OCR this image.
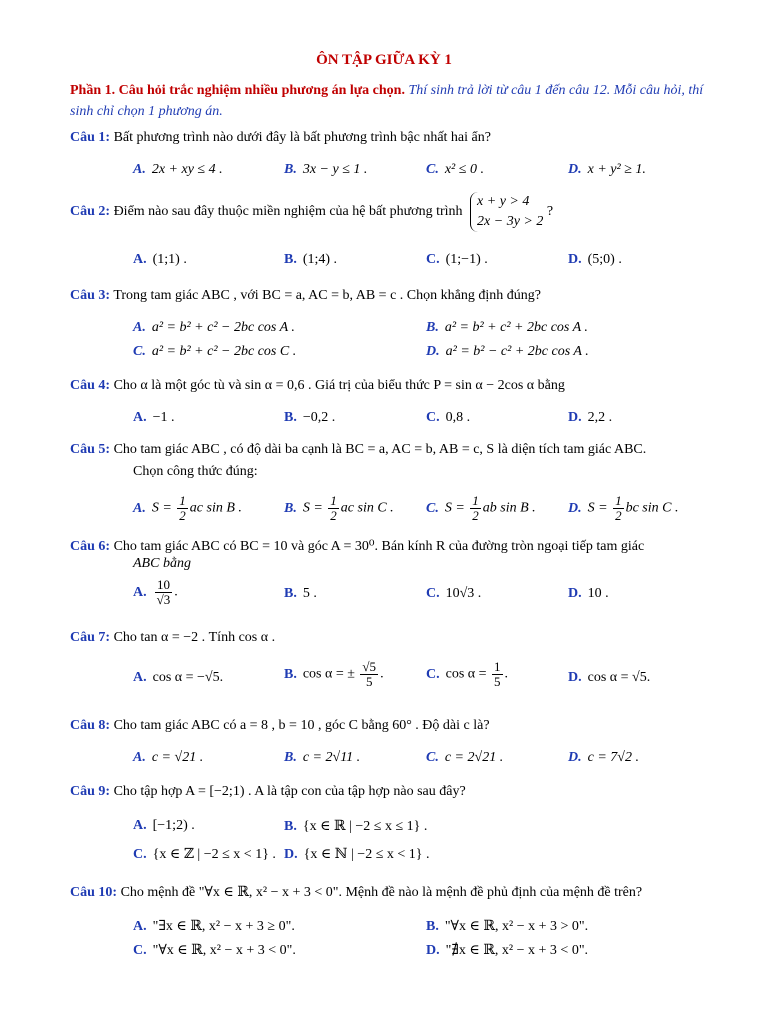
ÔN TẬP GIỮA KỲ 1
Phần 1. Câu hỏi trắc nghiệm nhiều phương án lựa chọn. Thí sinh trả lời từ câu 1 đến câu 12. Mỗi câu hỏi, thí sinh chỉ chọn 1 phương án.
Câu 1: Bất phương trình nào dưới đây là bất phương trình bậc nhất hai ẩn?
A. 2x + xy ≤ 4 .	B. 3x − y ≤ 1 .	C. x² ≤ 0 .	D. x + y² ≥ 1.
Câu 2: Điểm nào sau đây thuộc miền nghiệm của hệ bất phương trình
x + y > 4
2x − 3y > 2
?
A. (1;1) .	B. (1;4) .	C. (1;−1) .	D. (5;0) .
Câu 3: Trong tam giác ABC , với BC = a, AC = b, AB = c . Chọn khẳng định đúng?
A. a² = b² + c² − 2bc cos A .	B. a² = b² + c² + 2bc cos A .
C. a² = b² + c² − 2bc cos C .	D. a² = b² − c² + 2bc cos A .
Câu 4: Cho α là một góc tù và sin α = 0,6 . Giá trị của biểu thức P = sin α − 2cos α bằng
A. −1 .	B. −0,2 .	C. 0,8 .	D. 2,2 .
Câu 5: Cho tam giác ABC , có độ dài ba cạnh là BC = a, AC = b, AB = c, S là diện tích tam giác ABC.
Chọn công thức đúng:
A. $S = \frac{1}{2}$ ac sin B .	B. $S = \frac{1}{2}$ ac sin C . C. $S = \frac{1}{2}$ ab sin B . D. $S = \frac{1}{2}$ bc sin C .
Câu 6: Cho tam giác ABC có BC = 10 và góc A = 30⁰. Bán kính R của đường tròn ngoại tiếp tam giác
ABC bằng
A. $\frac{10}{√3}$ .	B. 5 .	C. 10√3 .	D. 10 .
Câu 7: Cho tan α = −2 . Tính cos α .
A. cos α = −√5.	B. cos α = ± $\frac{√5}{5}$ .	C. $\cos \alpha = \frac{1}{5}$ .	D. cos α = √5.
Câu 8: Cho tam giác ABC có a = 8 , b = 10 , góc C bằng 60° . Độ dài c là?
A. c = √21 .	B. c = 2√11 .	C. c = 2√21 .	D. c = 7√2 .
Câu 9: Cho tập hợp A = [−2;1) . A là tập con của tập hợp nào sau đây?
A. [−1;2) .	B. {x ∈ ℝ | −2 ≤ x ≤ 1} .
C. {x ∈ ℤ | −2 ≤ x < 1} . D. {x ∈ ℕ | −2 ≤ x < 1} .
Câu 10: Cho mệnh đề "∀x ∈ ℝ, x² − x + 3 < 0". Mệnh đề nào là mệnh đề phủ định của mệnh đề trên?
A. "∃x ∈ ℝ, x² − x + 3 ≥ 0".	B. "∀x ∈ ℝ, x² − x + 3 > 0".
C. "∀x ∈ ℝ, x² − x + 3 < 0".	D. "∄x ∈ ℝ, x² − x + 3 < 0".
